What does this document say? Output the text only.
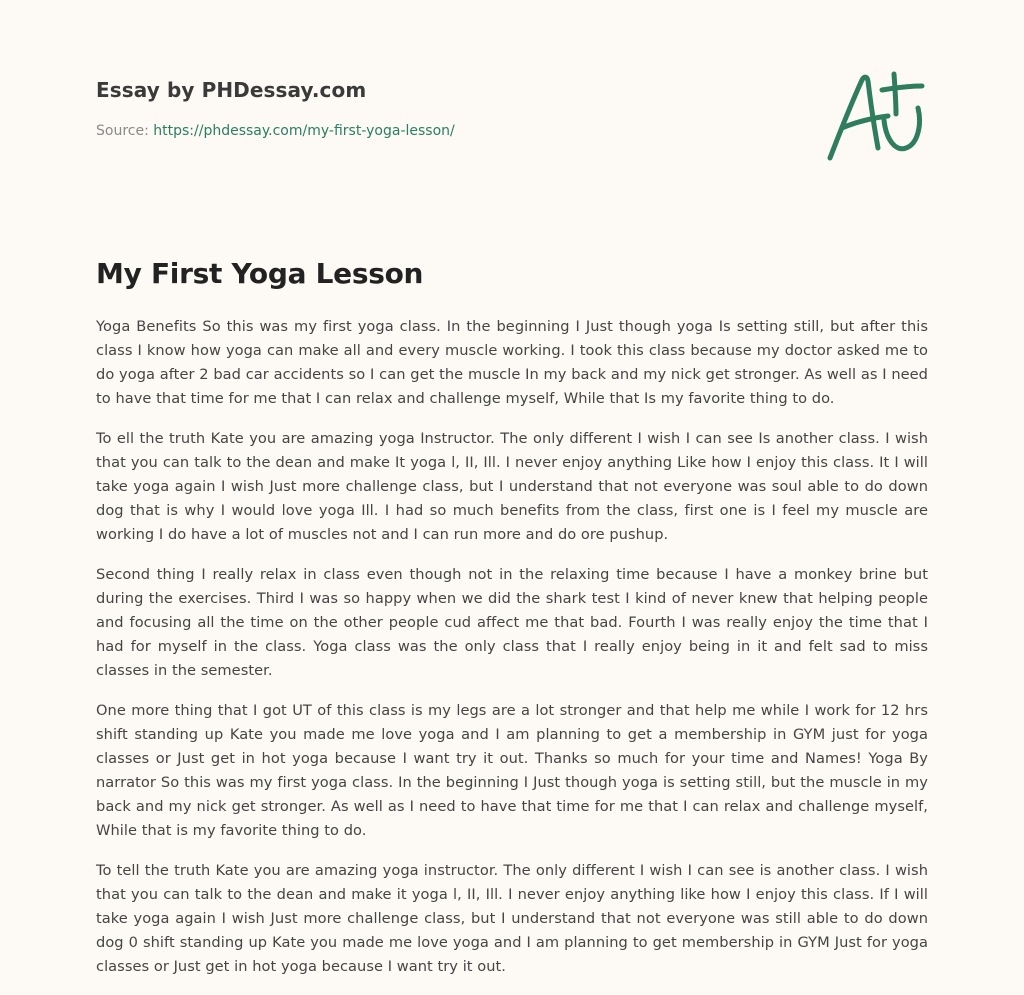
Essay by PHDessay.com
Source: https://phdessay.com/my-first-yoga-lesson/
My First Yoga Lesson

Yoga Benefits So this was my first yoga class. In the beginning I Just though yoga Is setting still, but after this class I know how yoga can make all and every muscle working. I took this class because my doctor asked me to do yoga after 2 bad car accidents so I can get the muscle In my back and my nick get stronger. As well as I need to have that time for me that I can relax and challenge myself, While that Is my favorite thing to do.

To ell the truth Kate you are amazing yoga Instructor. The only different I wish I can see Is another class. I wish that you can talk to the dean and make It yoga l, II, Ill. I never enjoy anything Like how I enjoy this class. It I will take yoga again I wish Just more challenge class, but I understand that not everyone was soul able to do down dog that is why I would love yoga Ill. I had so much benefits from the class, first one is I feel my muscle are working I do have a lot of muscles not and I can run more and do ore pushup.

Second thing I really relax in class even though not in the relaxing time because I have a monkey brine but during the exercises. Third I was so happy when we did the shark test I kind of never knew that helping people and focusing all the time on the other people cud affect me that bad. Fourth I was really enjoy the time that I had for myself in the class. Yoga class was the only class that I really enjoy being in it and felt sad to miss classes in the semester.

One more thing that I got UT of this class is my legs are a lot stronger and that help me while I work for 12 hrs shift standing up Kate you made me love yoga and I am planning to get a membership in GYM just for yoga classes or Just get in hot yoga because I want try it out. Thanks so much for your time and Names! Yoga By narrator So this was my first yoga class. In the beginning I Just though yoga is setting still, but the muscle in my back and my nick get stronger. As well as I need to have that time for me that I can relax and challenge myself, While that is my favorite thing to do.

To tell the truth Kate you are amazing yoga instructor. The only different I wish I can see is another class. I wish that you can talk to the dean and make it yoga l, II, Ill. I never enjoy anything like how I enjoy this class. If I will take yoga again I wish Just more challenge class, but I understand that not everyone was still able to do down dog 0 shift standing up Kate you made me love yoga and I am planning to get membership in GYM Just for yoga classes or Just get in hot yoga because I want try it out.
